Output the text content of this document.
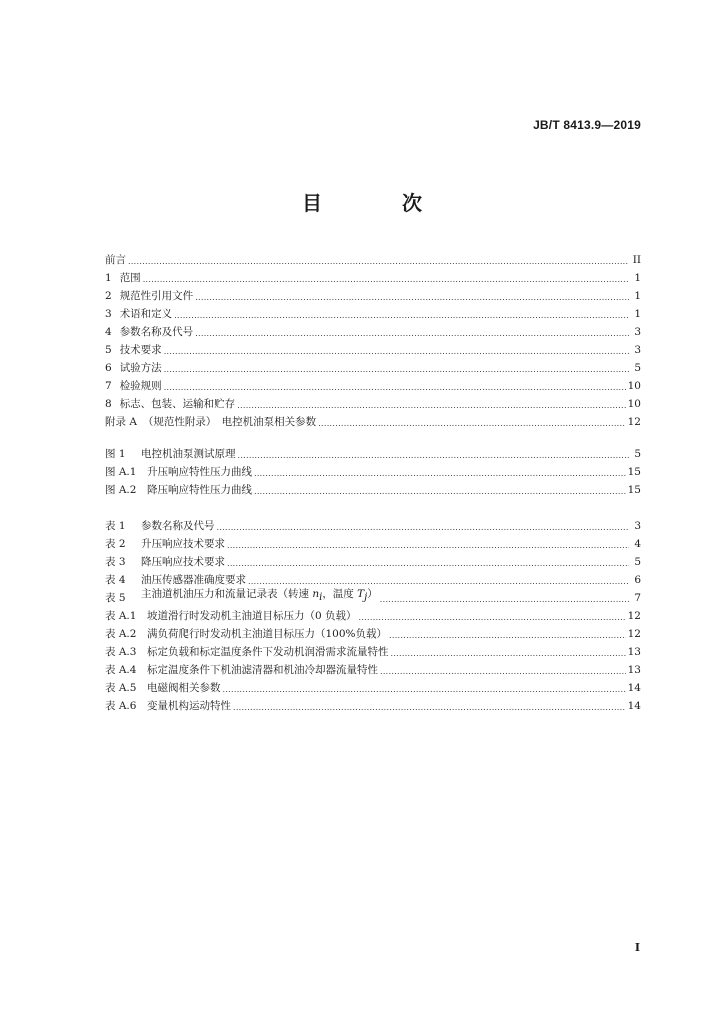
JB/T 8413.9—2019
目　次
前言 .....	II
1 范围 .....	1
2 规范性引用文件 .....	1
3 术语和定义 .....	1
4 参数名称及代号 .....	3
5 技术要求 .....	3
6 试验方法 .....	5
7 检验规则 .....	10
8 标志、包装、运输和贮存 .....	10
附录 A （规范性附录）　电控机油泵相关参数 .....	12
图 1	电控机油泵测试原理 .....	5
图 A.1	升压响应特性压力曲线 .....	15
图 A.2	降压响应特性压力曲线 .....	15
表 1	参数名称及代号 .....	3
表 2	升压响应技术要求 .....	4
表 3	降压响应技术要求 .....	5
表 4	油压传感器准确度要求 .....	6
表 5	主油道机油压力和流量记录表（转速 $n_i$，温度 $T_j$） .....	7
表 A.1	坡道滑行时发动机主油道目标压力（0 负载） .....	12
表 A.2	满负荷爬行时发动机主油道目标压力（100%负载） .....	12
表 A.3	标定负载和标定温度条件下发动机润滑需求流量特性 .....	13
表 A.4	标定温度条件下机油滤清器和机油冷却器流量特性 .....	13
表 A.5	电磁阀相关参数 .....	14
表 A.6	变量机构运动特性 .....	14
I
